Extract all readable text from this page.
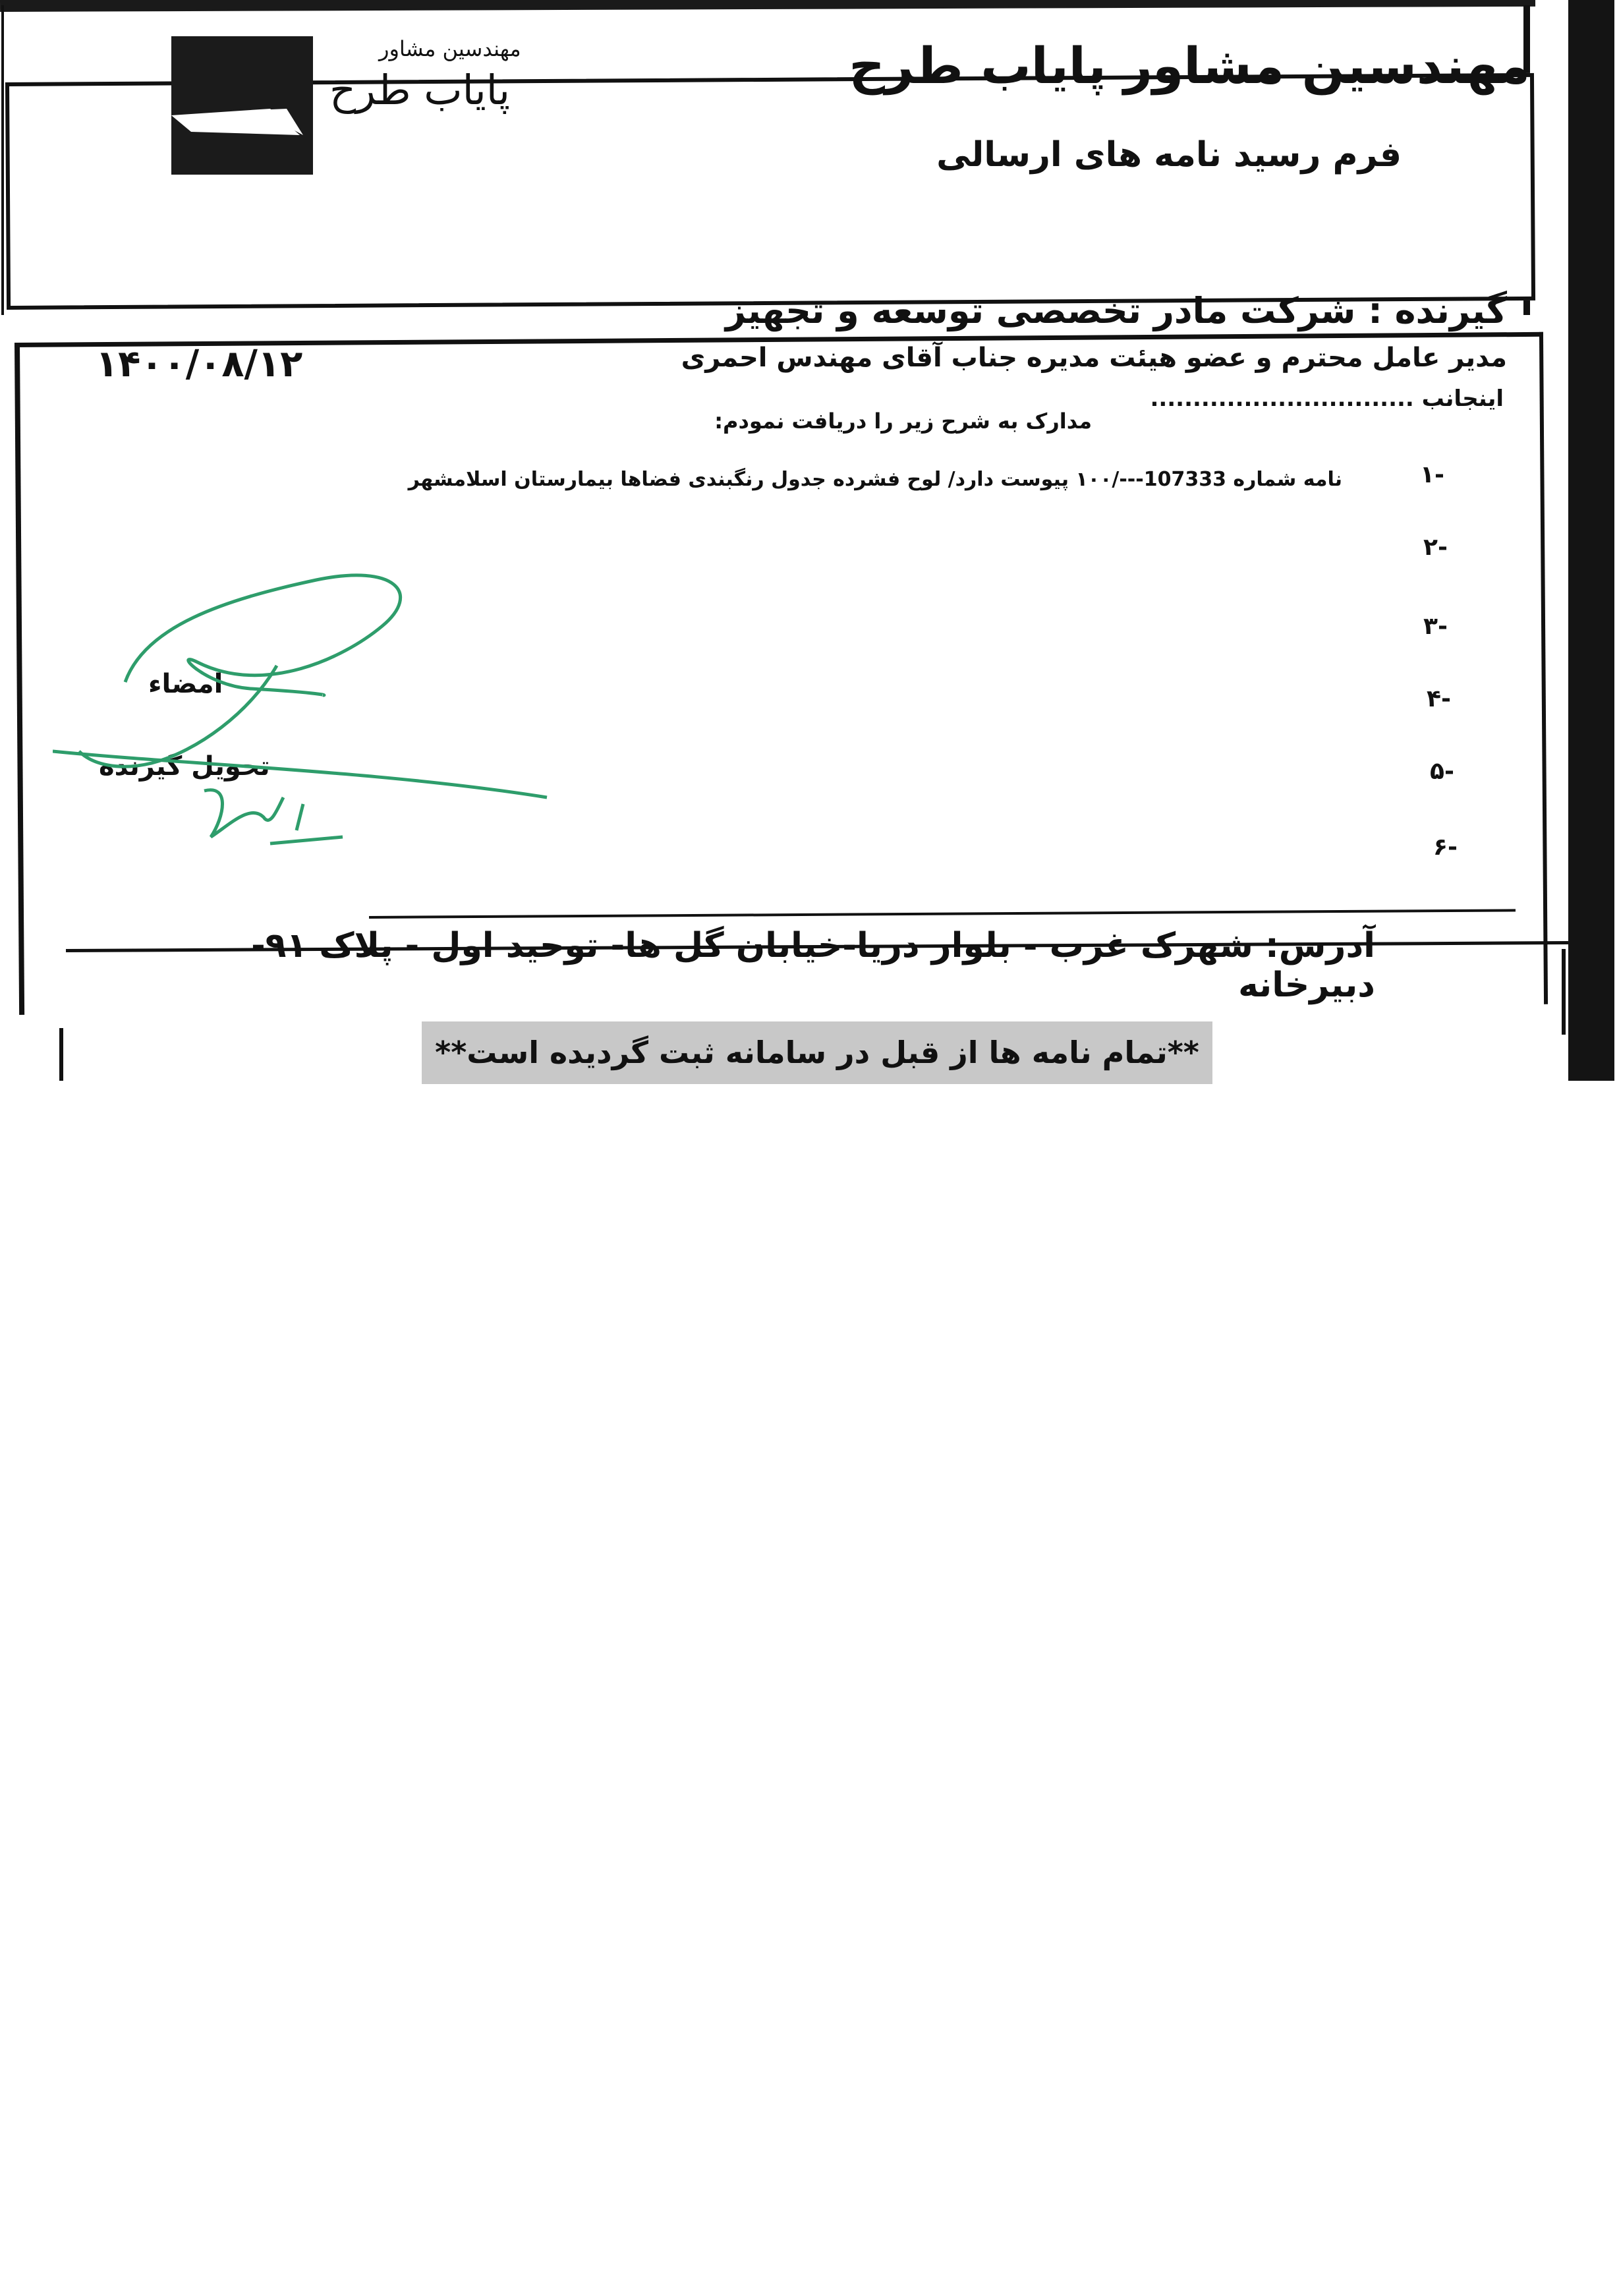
مهندسین مشاور پایاب طرح
فرم رسید نامه های ارسالی
مهندسین مشاور
پایاب طرح
گیرنده : شرکت مادر تخصصی توسعه و تجهیز
مدیر عامل محترم و عضو هیئت مدیره جناب آقای مهندس احمری
۱۴۰۰/۰۸/۱۲
اینجانب ...............................
مدارک به شرح زیر را دریافت نمودم:
۱-
نامه شماره 107333---/۱۰۰ پیوست دارد/ لوح فشرده جدول رنگبندی فضاها بیمارستان اسلامشهر
۲-
۳-
۴-
۵-
۶-
امضاء
تحویل گیرنده
آدرس: شهرک غرب - بلوار دریا-خیابان گل ها- توحید اول - پلاک ۹۱- دبیرخانه
**تمام نامه ها از قبل در سامانه ثبت گردیده است**
